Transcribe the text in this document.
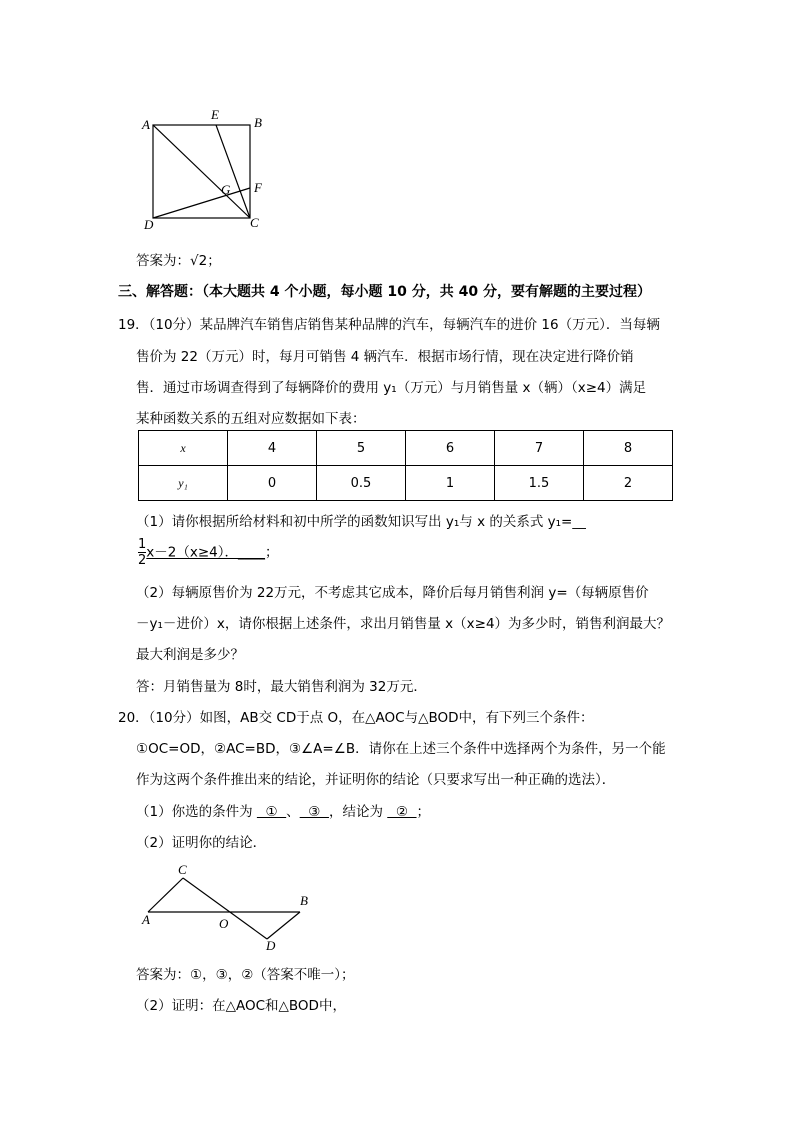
A
E
B
F
G
D	C
C
A	O
B
D
答案为：√2；
三、解答题：（本大题共 4 个小题，每小题 10 分，共 40 分，要有解题的主要过程）
19．（10分）某品牌汽车销售店销售某种品牌的汽车，每辆汽车的进价 16（万元）．当每辆
售价为 22（万元）时，每月可销售 4 辆汽车．根据市场行情，现在决定进行降价销
售．通过市场调查得到了每辆降价的费用 y₁（万元）与月销售量 x（辆）（x≥4）满足
某种函数关系的五组对应数据如下表：
x	4	5	6	7	8
y₁	0	0.5	1	1.5	2
（1）请你根据所给材料和初中所学的函数知识写出 y₁与 x 的关系式 y₁=__
$\frac{1}{2} x-2(x\ge 4)$．____；
（2）每辆原售价为 22万元，不考虑其它成本，降价后每月销售利润 y=（每辆原售价
－y₁－进价）x，请你根据上述条件，求出月销售量 x（x≥4）为多少时，销售利润最大？
最大利润是多少？
答：月销售量为 8时，最大销售利润为 32万元．
20．（10分）如图，AB交 CD于点 O，在△AOC与△BOD中，有下列三个条件：
①OC=OD，②AC=BD，③∠A=∠B．请你在上述三个条件中选择两个为条件，另一个能
作为这两个条件推出来的结论，并证明你的结论（只要求写出一种正确的选法）．
（1）你选的条件为   ①  、  ③  ，结论为   ②  ；
（2）证明你的结论．
答案为：①，③，②（答案不唯一）；
（2）证明：在△AOC和△BOD中，
